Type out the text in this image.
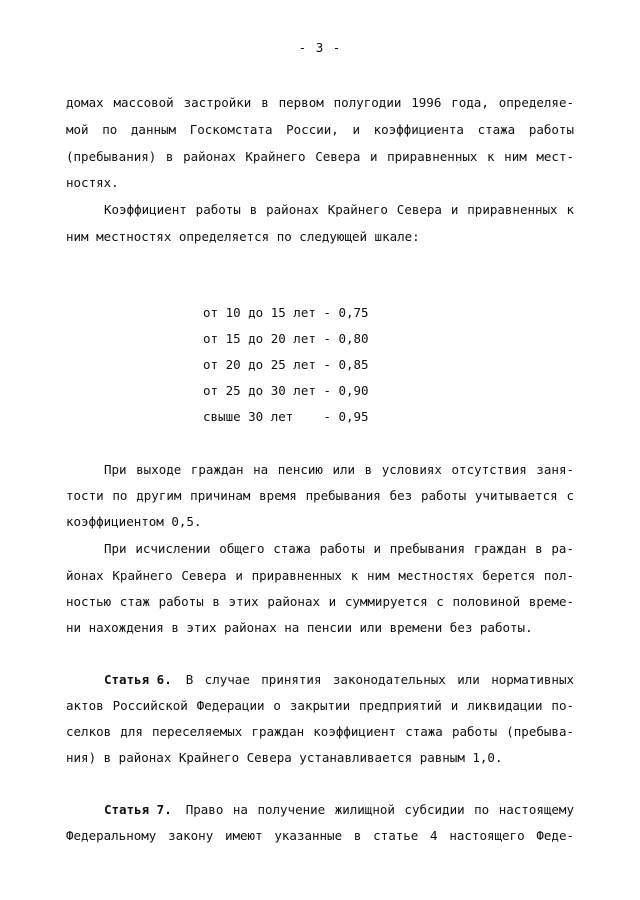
- 3 -
домах массовой застройки в первом полугодии 1996 года, определяе-
мой по данным Госкомстата России, и коэффициента стажа работы
(пребывания) в районах Крайнего Севера и приравненных к ним мест-
ностях.
Коэффициент работы в районах Крайнего Севера и приравненных к
ним местностях определяется по следующей шкале:
от 10 до 15 лет - 0,75
от 15 до 20 лет - 0,80
от 20 до 25 лет - 0,85
от 25 до 30 лет - 0,90
свыше 30 лет    - 0,95
При выходе граждан на пенсию или в условиях отсутствия заня-
тости по другим причинам время пребывания без работы учитывается с
коэффициентом 0,5.
При исчислении общего стажа работы и пребывания граждан в ра-
йонах Крайнего Севера и приравненных к ним местностях берется пол-
ностью стаж работы в этих районах и суммируется с половиной време-
ни нахождения в этих районах на пенсии или времени без работы.
Статья 6. В случае принятия законодательных или нормативных
актов Российской Федерации о закрытии предприятий и ликвидации по-
селков для переселяемых граждан коэффициент стажа работы (пребыва-
ния) в районах Крайнего Севера устанавливается равным 1,0.
Статья 7. Право на получение жилищной субсидии по настоящему
Федеральному закону имеют указанные в статье 4 настоящего Феде-
